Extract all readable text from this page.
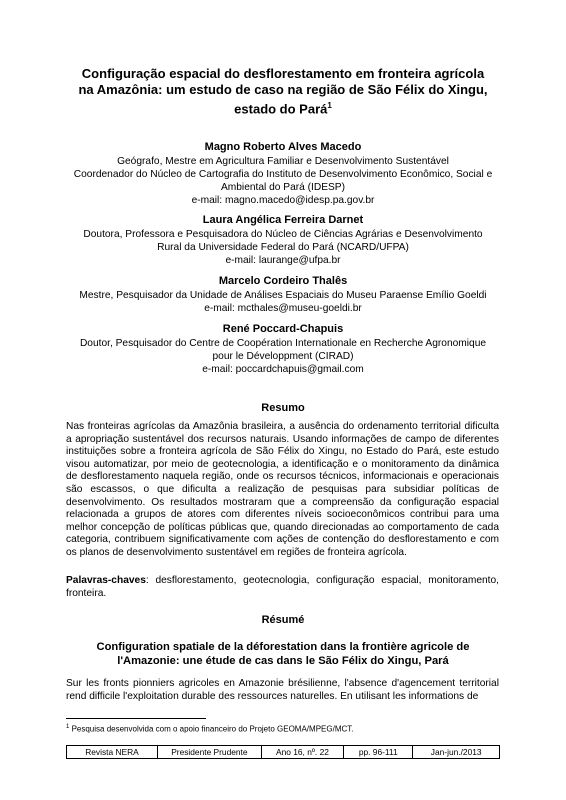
Configuração espacial do desflorestamento em fronteira agrícola
na Amazônia: um estudo de caso na região de São Félix do Xingu,
estado do Pará$^1$
Magno Roberto Alves Macedo
Geógrafo, Mestre em Agricultura Familiar e Desenvolvimento Sustentável
Coordenador do Núcleo de Cartografia do Instituto de Desenvolvimento Econômico, Social e
Ambiental do Pará (IDESP)
e-mail: magno.macedo@idesp.pa.gov.br
Laura Angélica Ferreira Darnet
Doutora, Professora e Pesquisadora do Núcleo de Ciências Agrárias e Desenvolvimento
Rural da Universidade Federal do Pará (NCARD/UFPA)
e-mail: laurange@ufpa.br
Marcelo Cordeiro Thalês
Mestre, Pesquisador da Unidade de Análises Espaciais do Museu Paraense Emílio Goeldi
e-mail: mcthales@museu-goeldi.br
René Poccard-Chapuis
Doutor, Pesquisador do Centre de Coopération Internationale en Recherche Agronomique
pour le Développment (CIRAD)
e-mail: poccardchapuis@gmail.com
Resumo
Nas fronteiras agrícolas da Amazônia brasileira, a ausência do ordenamento territorial dificulta a apropriação sustentável dos recursos naturais. Usando informações de campo de diferentes instituições sobre a fronteira agrícola de São Félix do Xingu, no Estado do Pará, este estudo visou automatizar, por meio de geotecnologia, a identificação e o monitoramento da dinâmica de desflorestamento naquela região, onde os recursos técnicos, informacionais e operacionais são escassos, o que dificulta a realização de pesquisas para subsidiar políticas de desenvolvimento. Os resultados mostraram que a compreensão da configuração espacial relacionada a grupos de atores com diferentes níveis socioeconômicos contribui para uma melhor concepção de políticas públicas que, quando direcionadas ao comportamento de cada categoria, contribuem significativamente com ações de contenção do desflorestamento e com os planos de desenvolvimento sustentável em regiões de fronteira agrícola.
Palavras-chaves: desflorestamento, geotecnologia, configuração espacial, monitoramento, fronteira.
Résumé
Configuration spatiale de la déforestation dans la frontière agricole de
l'Amazonie: une étude de cas dans le São Félix do Xingu, Pará
Sur les fronts pionniers agricoles en Amazonie brésilienne, l'absence d'agencement territorial rend difficile l'exploitation durable des ressources naturelles. En utilisant les informations de
$^1$ Pesquisa desenvolvida com o apoio financeiro do Projeto GEOMA/MPEG/MCT.
Revista NERA	Presidente Prudente	Ano 16, nº. 22	pp. 96-111	Jan-jun./2013
